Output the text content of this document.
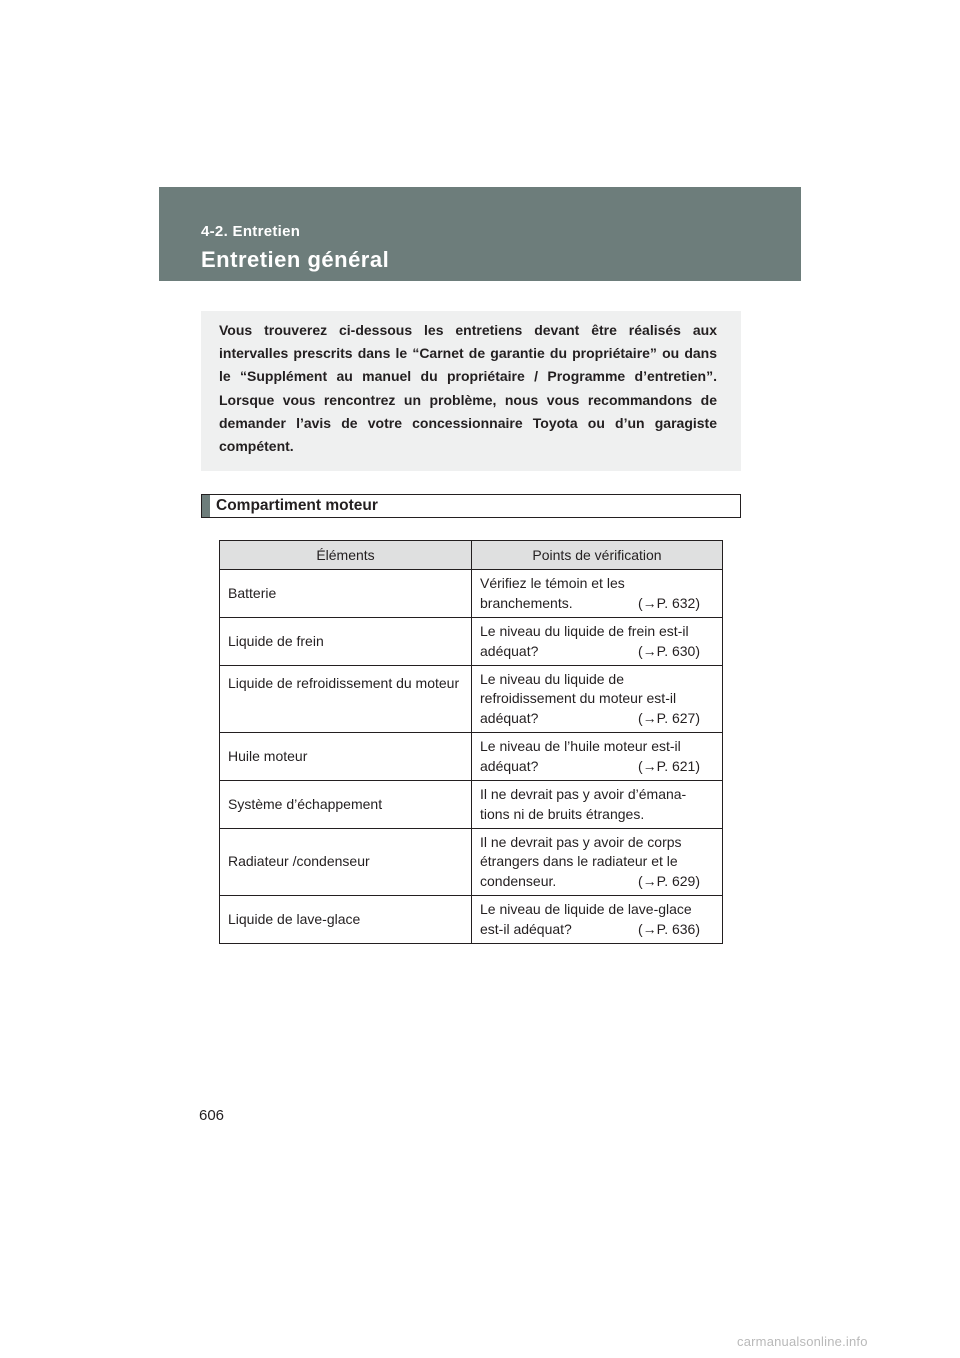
4-2. Entretien
Entretien général

Vous trouverez ci-dessous les entretiens devant être réalisés aux intervalles prescrits dans le “Carnet de garantie du propriétaire” ou dans le “Supplément au manuel du propriétaire / Programme d’entretien”. Lorsque vous rencontrez un problème, nous vous recommandons de demander l’avis de votre concessionnaire Toyota ou d’un garagiste compétent.

Compartiment moteur
Éléments	Points de vérification
Batterie	Vérifiez le témoin et les branchements. (→P. 632)

Liquide de frein	Le niveau du liquide de frein est-il adéquat? (→P. 630)

Liquide de refroidissement du moteur	Le niveau du liquide de refroidissement du moteur est-il adéquat? (→P. 627)

Huile moteur	Le niveau de l’huile moteur est-il adéquat? (→P. 621)

Système d’échappement	Il ne devrait pas y avoir d’émana-tions ni de bruits étranges.

Radiateur /condenseur	Il ne devrait pas y avoir de corps étrangers dans le radiateur et le condenseur. (→P. 629)

Liquide de lave-glace	Le niveau de liquide de lave-glace est-il adéquat? (→P. 636)
606
carmanualsonline.info
